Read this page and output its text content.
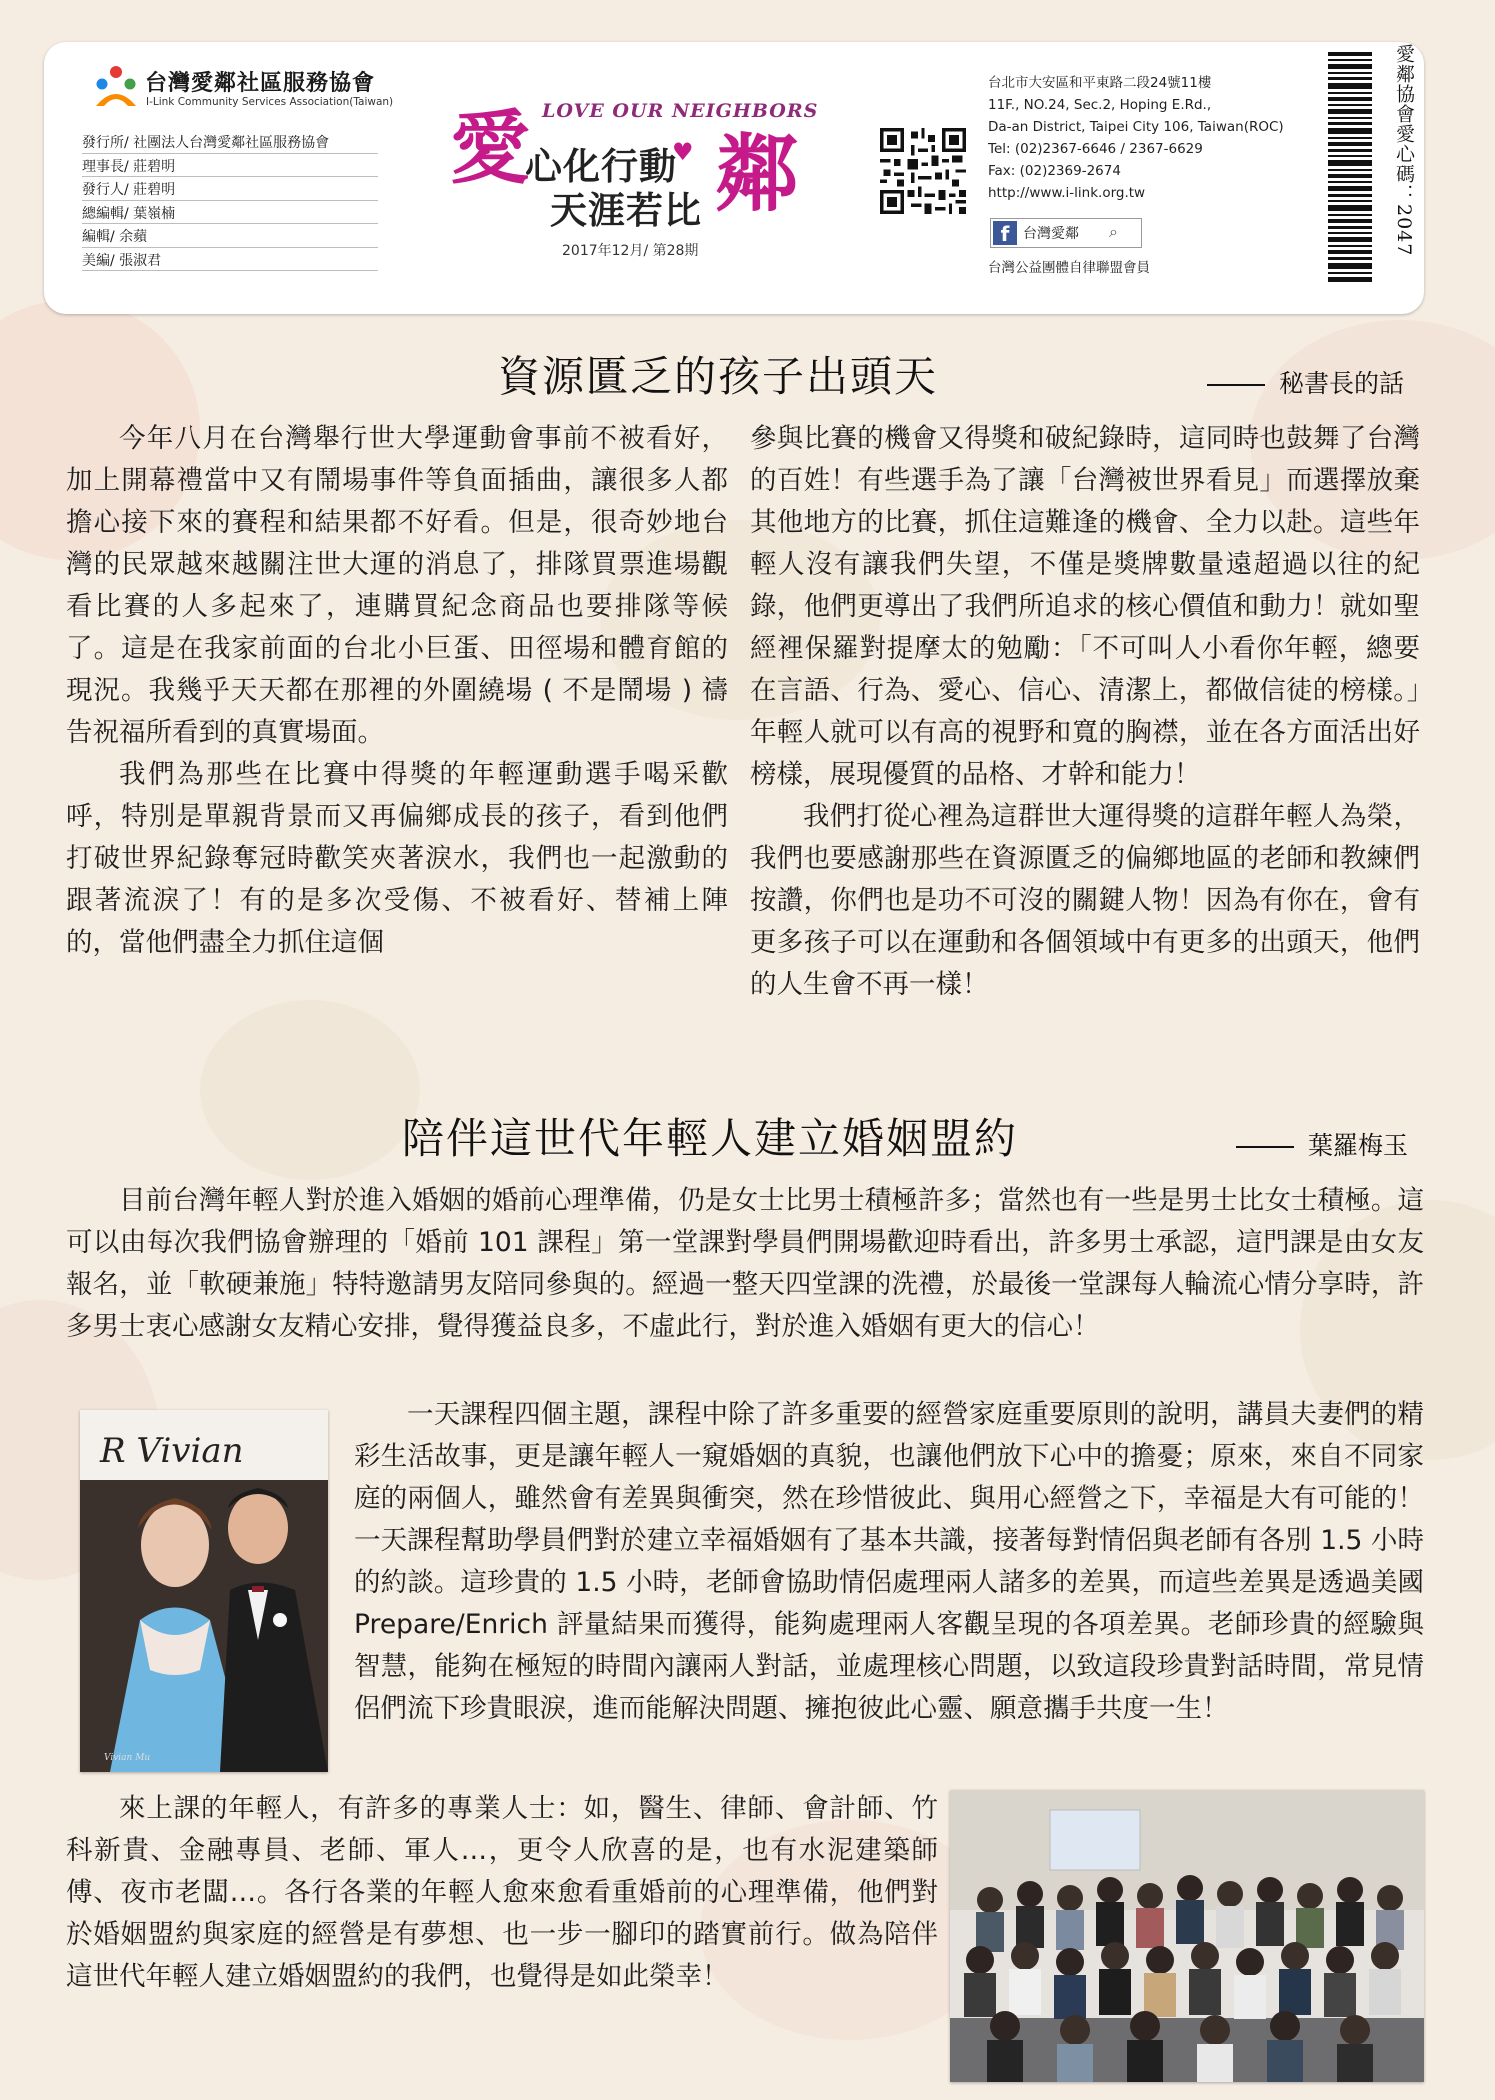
台灣愛鄰社區服務協會
I-Link Community Services Association(Taiwan)
發行所/ 社團法人台灣愛鄰社區服務協會
理事長/ 莊碧明
發行人/ 莊碧明
總編輯/ 葉嶺楠
編輯/ 余蘋
美編/ 張淑君
LOVE OUR NEIGHBORS
愛
心化行動
♥
天涯若比 鄰
2017年12月/ 第28期
台北市大安區和平東路二段24號11樓
11F., NO.24, Sec.2, Hoping E.Rd.,
Da-an District, Taipei City 106, Taiwan(ROC)
Tel: (02)2367-6646 / 2367-6629
Fax: (02)2369-2674
http://www.i-link.org.tw
f 台灣愛鄰 ⌕
台灣公益團體自律聯盟會員
愛鄰協會愛心碼：2047
資源匱乏的孩子出頭天	秘書長的話

今年八月在台灣舉行世大學運動會事前不被看好，加上開幕禮當中又有鬧場事件等負面插曲，讓很多人都擔心接下來的賽程和結果都不好看。但是，很奇妙地台灣的民眾越來越關注世大運的消息了，排隊買票進場觀看比賽的人多起來了，連購買紀念商品也要排隊等候了。這是在我家前面的台北小巨蛋、田徑場和體育館的現況。我幾乎天天都在那裡的外圍繞場 ( 不是鬧場 ) 禱告祝福所看到的真實場面。

我們為那些在比賽中得獎的年輕運動選手喝采歡呼，特別是單親背景而又再偏鄉成長的孩子，看到他們打破世界紀錄奪冠時歡笑夾著淚水，我們也一起激動的跟著流淚了！有的是多次受傷、不被看好、替補上陣的，當他們盡全力抓住這個

參與比賽的機會又得獎和破紀錄時，這同時也鼓舞了台灣的百姓！有些選手為了讓「台灣被世界看見」而選擇放棄其他地方的比賽，抓住這難逢的機會、全力以赴。這些年輕人沒有讓我們失望，不僅是獎牌數量遠超過以往的紀錄，他們更導出了我們所追求的核心價值和動力！就如聖經裡保羅對提摩太的勉勵：「不可叫人小看你年輕，總要在言語、行為、愛心、信心、清潔上，都做信徒的榜樣。」年輕人就可以有高的視野和寬的胸襟，並在各方面活出好榜樣，展現優質的品格、才幹和能力！

我們打從心裡為這群世大運得獎的這群年輕人為榮，我們也要感謝那些在資源匱乏的偏鄉地區的老師和教練們按讚，你們也是功不可沒的關鍵人物！因為有你在，會有更多孩子可以在運動和各個領域中有更多的出頭天，他們的人生會不再一樣！

陪伴這世代年輕人建立婚姻盟約	葉羅梅玉

目前台灣年輕人對於進入婚姻的婚前心理準備，仍是女士比男士積極許多；當然也有一些是男士比女士積極。這可以由每次我們協會辦理的「婚前 101 課程」第一堂課對學員們開場歡迎時看出，許多男士承認，這門課是由女友報名，並「軟硬兼施」特特邀請男友陪同參與的。經過一整天四堂課的洗禮，於最後一堂課每人輪流心情分享時，許多男士衷心感謝女友精心安排，覺得獲益良多，不虛此行，對於進入婚姻有更大的信心！

R Vivian
Vivian Mu

一天課程四個主題，課程中除了許多重要的經營家庭重要原則的說明，講員夫妻們的精彩生活故事，更是讓年輕人一窺婚姻的真貌，也讓他們放下心中的擔憂；原來，來自不同家庭的兩個人，雖然會有差異與衝突，然在珍惜彼此、與用心經營之下，幸福是大有可能的！一天課程幫助學員們對於建立幸福婚姻有了基本共識，接著每對情侶與老師有各別 1.5 小時的約談。這珍貴的 1.5 小時，老師會協助情侶處理兩人諸多的差異，而這些差異是透過美國 Prepare/Enrich 評量結果而獲得，能夠處理兩人客觀呈現的各項差異。老師珍貴的經驗與智慧，能夠在極短的時間內讓兩人對話，並處理核心問題，以致這段珍貴對話時間，常見情侶們流下珍貴眼淚，進而能解決問題、擁抱彼此心靈、願意攜手共度一生！

來上課的年輕人，有許多的專業人士：如，醫生、律師、會計師、竹科新貴、金融專員、老師、軍人…，更令人欣喜的是，也有水泥建築師傅、夜市老闆…。各行各業的年輕人愈來愈看重婚前的心理準備，他們對於婚姻盟約與家庭的經營是有夢想、也一步一腳印的踏實前行。做為陪伴這世代年輕人建立婚姻盟約的我們，也覺得是如此榮幸！
